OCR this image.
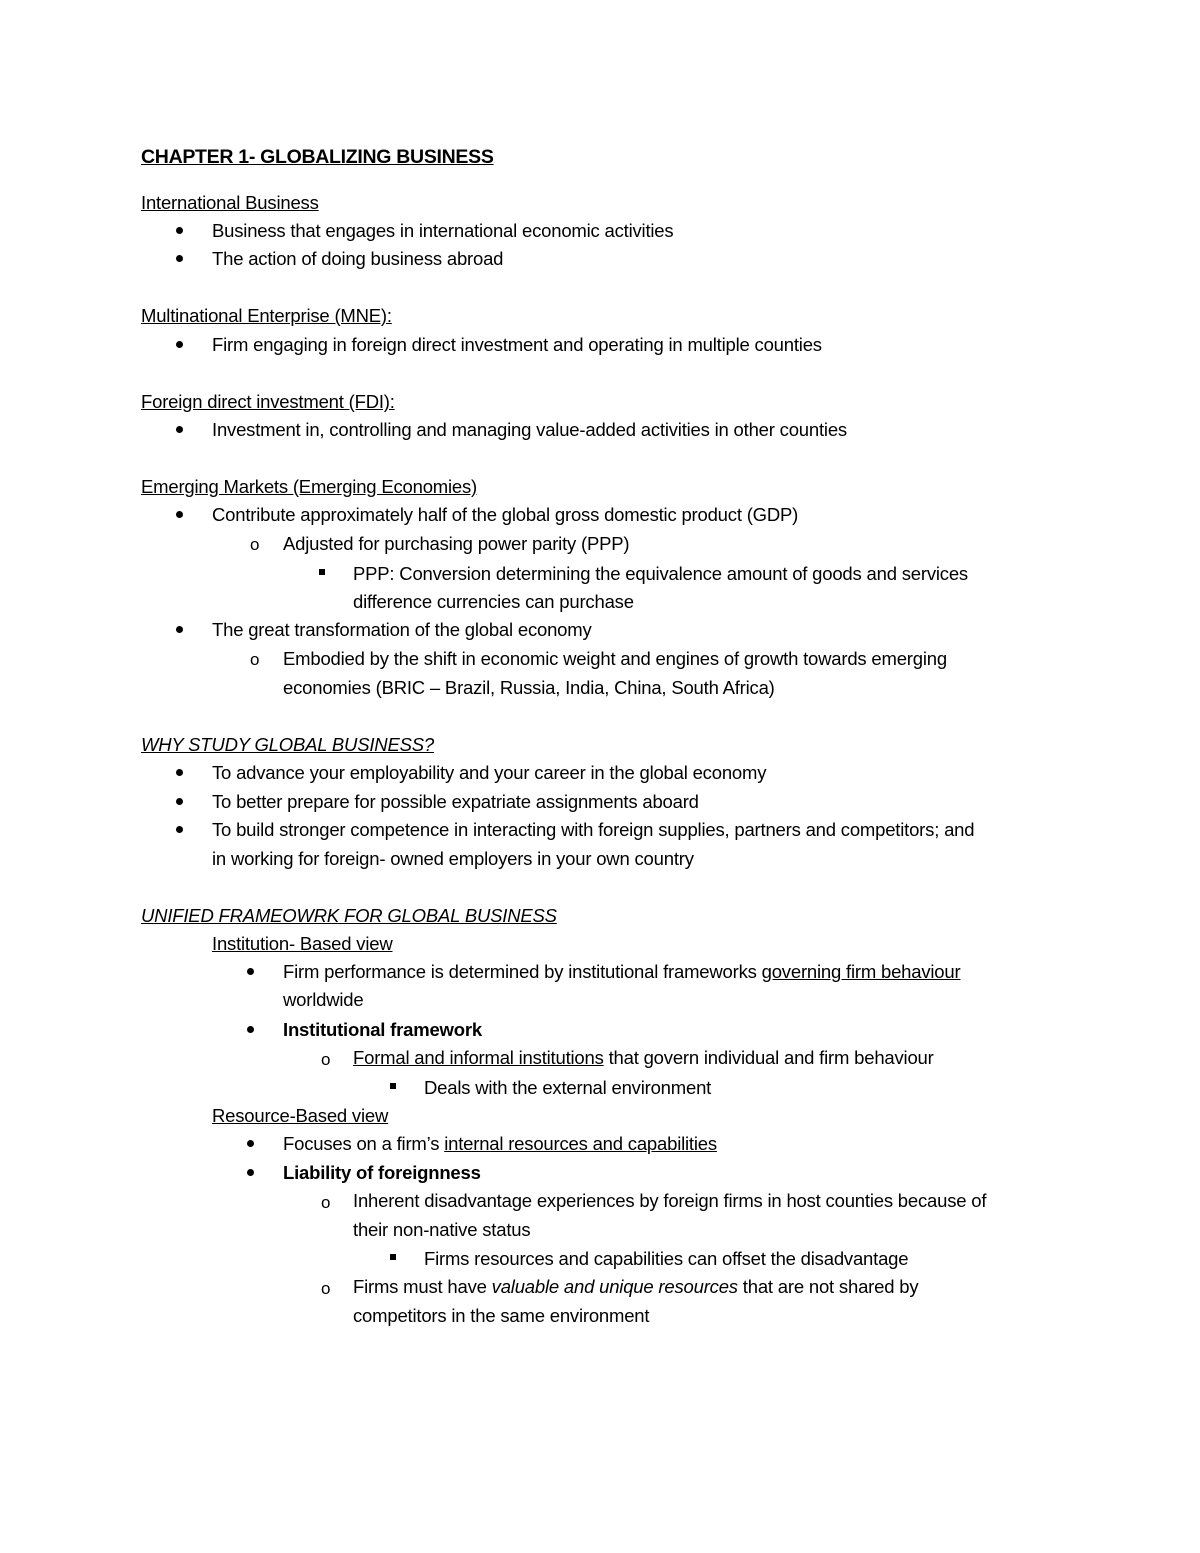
CHAPTER 1- GLOBALIZING BUSINESS
International Business
Business that engages in international economic activities
The action of doing business abroad
Multinational Enterprise (MNE):
Firm engaging in foreign direct investment and operating in multiple counties
Foreign direct investment (FDI):
Investment in, controlling and managing value-added activities in other counties
Emerging Markets (Emerging Economies)
Contribute approximately half of the global gross domestic product (GDP)
o Adjusted for purchasing power parity (PPP)
PPP: Conversion determining the equivalence amount of goods and services
difference currencies can purchase
The great transformation of the global economy
o Embodied by the shift in economic weight and engines of growth towards emerging
economies (BRIC – Brazil, Russia, India, China, South Africa)
WHY STUDY GLOBAL BUSINESS?
To advance your employability and your career in the global economy
To better prepare for possible expatriate assignments aboard
To build stronger competence in interacting with foreign supplies, partners and competitors; and
in working for foreign- owned employers in your own country
UNIFIED FRAMEOWRK FOR GLOBAL BUSINESS
Institution- Based view
Firm performance is determined by institutional frameworks governing firm behaviour
worldwide
Institutional framework
o Formal and informal institutions that govern individual and firm behaviour
Deals with the external environment
Resource-Based view
Focuses on a firm’s internal resources and capabilities
Liability of foreignness
o Inherent disadvantage experiences by foreign firms in host counties because of
their non-native status
Firms resources and capabilities can offset the disadvantage
o Firms must have valuable and unique resources that are not shared by
competitors in the same environment
